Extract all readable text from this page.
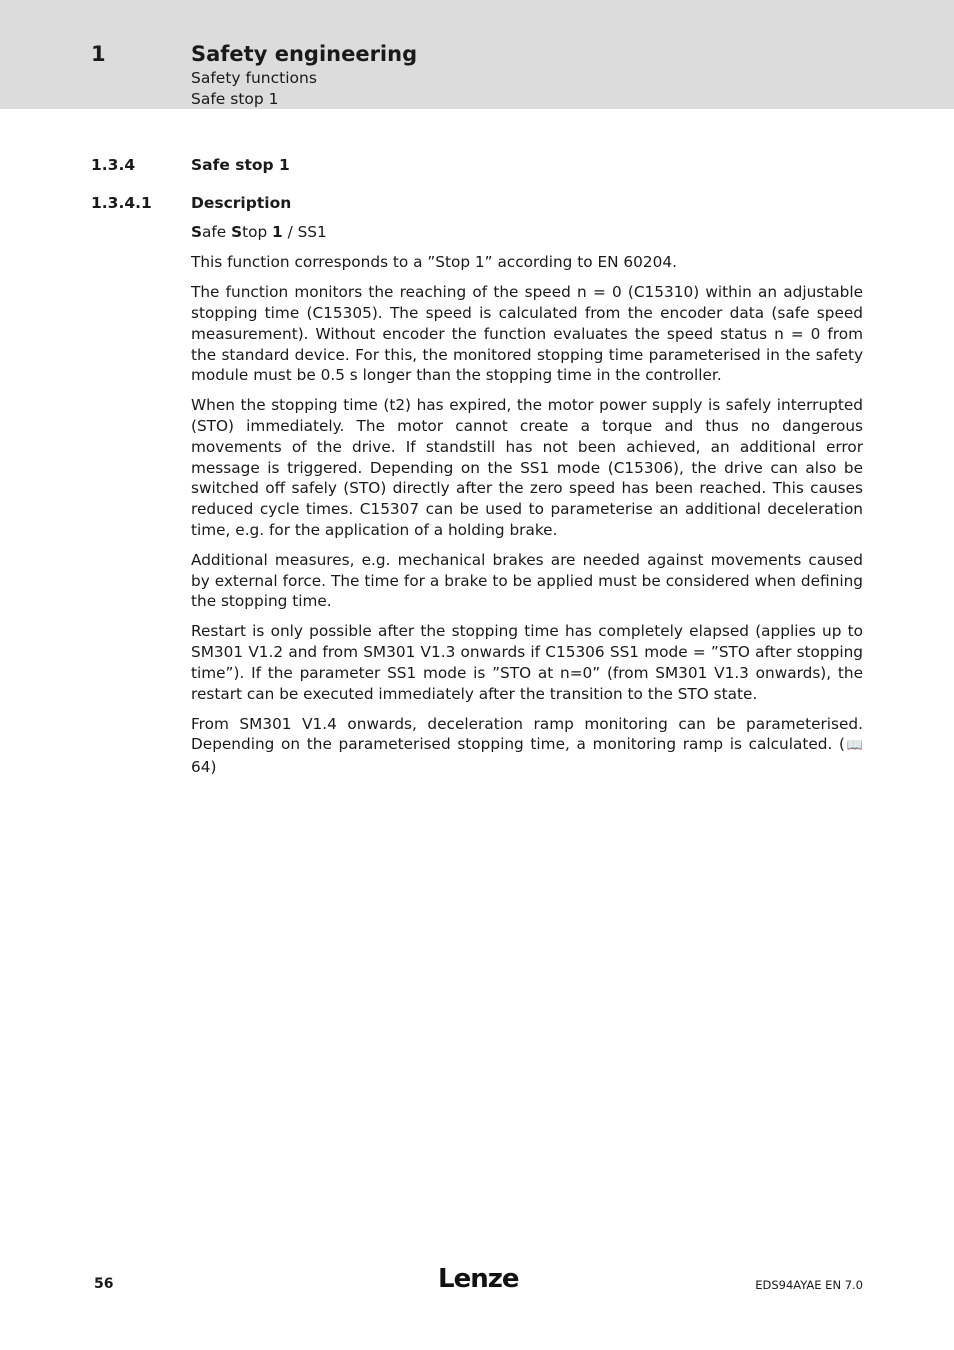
1	Safety engineering
Safety functions
Safe stop 1
1.3.4	Safe stop 1
1.3.4.1	Description

Safe Stop 1 / SS1

This function corresponds to a ”Stop 1” according to EN 60204.

The function monitors the reaching of the speed n = 0 (C15310) within an adjustable stopping time (C15305). The speed is calculated from the encoder data (safe speed measurement). Without encoder the function evaluates the speed status n = 0 from the standard device. For this, the monitored stopping time parameterised in the safety module must be 0.5 s longer than the stopping time in the controller.

When the stopping time (t2) has expired, the motor power supply is safely interrupted (STO) immediately. The motor cannot create a torque and thus no dangerous movements of the drive. If standstill has not been achieved, an additional error message is triggered. Depending on the SS1 mode (C15306), the drive can also be switched off safely (STO) directly after the zero speed has been reached. This causes reduced cycle times. C15307 can be used to parameterise an additional deceleration time, e.g. for the application of a holding brake.

Additional measures, e.g. mechanical brakes are needed against movements caused by external force. The time for a brake to be applied must be considered when defining the stopping time.

Restart is only possible after the stopping time has completely elapsed (applies up to SM301 V1.2 and from SM301 V1.3 onwards if C15306 SS1 mode = ”STO after stopping time”). If the parameter SS1 mode is ”STO at n=0” (from SM301 V1.3 onwards), the restart can be executed immediately after the transition to the STO state.

From SM301 V1.4 onwards, deceleration ramp monitoring can be parameterised. Depending on the parameterised stopping time, a monitoring ramp is calculated. (📖 64)

56	Lenze	EDS94AYAE EN 7.0
